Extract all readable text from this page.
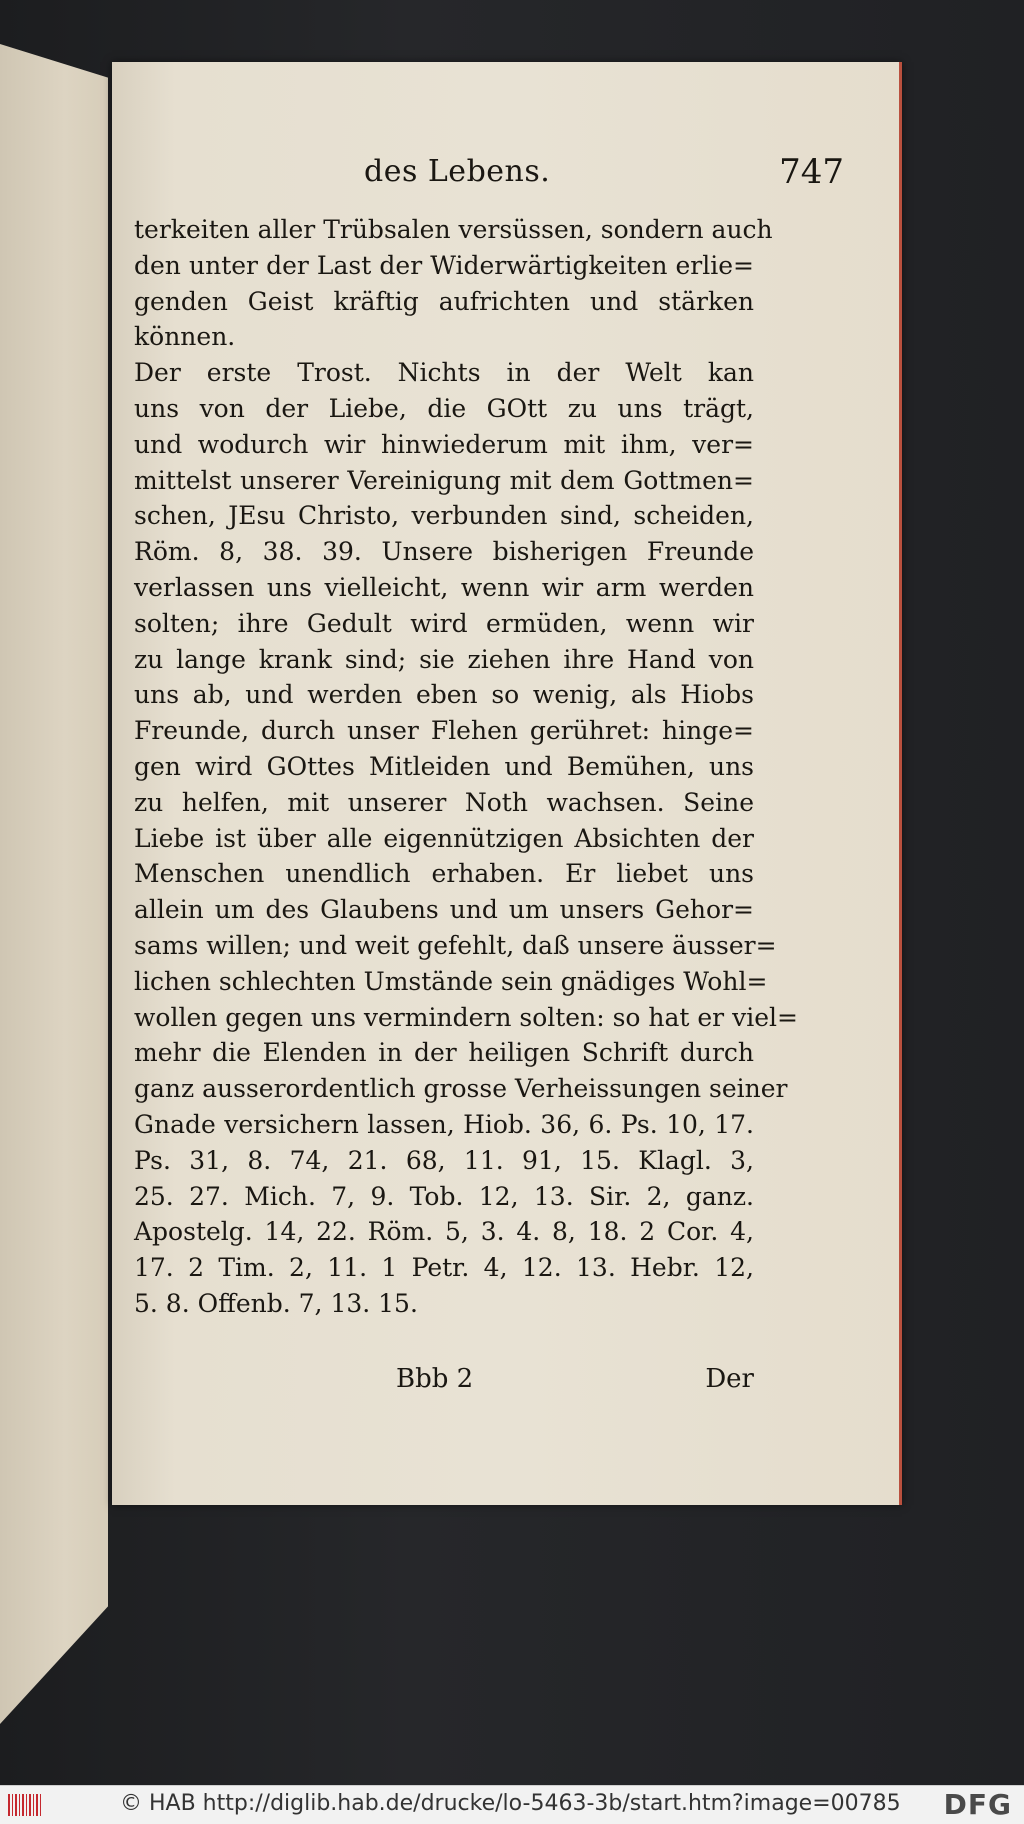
des Lebens.	747
terkeiten aller Trübsalen versüssen, sondern auch
den unter der Last der Widerwärtigkeiten erlie=
genden Geist kräftig aufrichten und stärken
können.
Der erste Trost. Nichts in der Welt kan
uns von der Liebe, die GOtt zu uns trägt,
und wodurch wir hinwiederum mit ihm, ver=
mittelst unserer Vereinigung mit dem Gottmen=
schen, JEsu Christo, verbunden sind, scheiden,
Röm. 8, 38. 39. Unsere bisherigen Freunde
verlassen uns vielleicht, wenn wir arm werden
solten; ihre Gedult wird ermüden, wenn wir
zu lange krank sind; sie ziehen ihre Hand von
uns ab, und werden eben so wenig, als Hiobs
Freunde, durch unser Flehen gerühret: hinge=
gen wird GOttes Mitleiden und Bemühen, uns
zu helfen, mit unserer Noth wachsen. Seine
Liebe ist über alle eigennützigen Absichten der
Menschen unendlich erhaben. Er liebet uns
allein um des Glaubens und um unsers Gehor=
sams willen; und weit gefehlt, daß unsere äusser=
lichen schlechten Umstände sein gnädiges Wohl=
wollen gegen uns vermindern solten: so hat er viel=
mehr die Elenden in der heiligen Schrift durch
ganz ausserordentlich grosse Verheissungen seiner
Gnade versichern lassen, Hiob. 36, 6. Ps. 10, 17.
Ps. 31, 8. 74, 21. 68, 11. 91, 15. Klagl. 3,
25. 27. Mich. 7, 9. Tob. 12, 13. Sir. 2, ganz.
Apostelg. 14, 22. Röm. 5, 3. 4. 8, 18. 2 Cor. 4,
17. 2 Tim. 2, 11. 1 Petr. 4, 12. 13. Hebr. 12,
5. 8. Offenb. 7, 13. 15.
Bbb 2	Der
© HAB http://diglib.hab.de/drucke/lo-5463-3b/start.htm?image=00785 DFG
